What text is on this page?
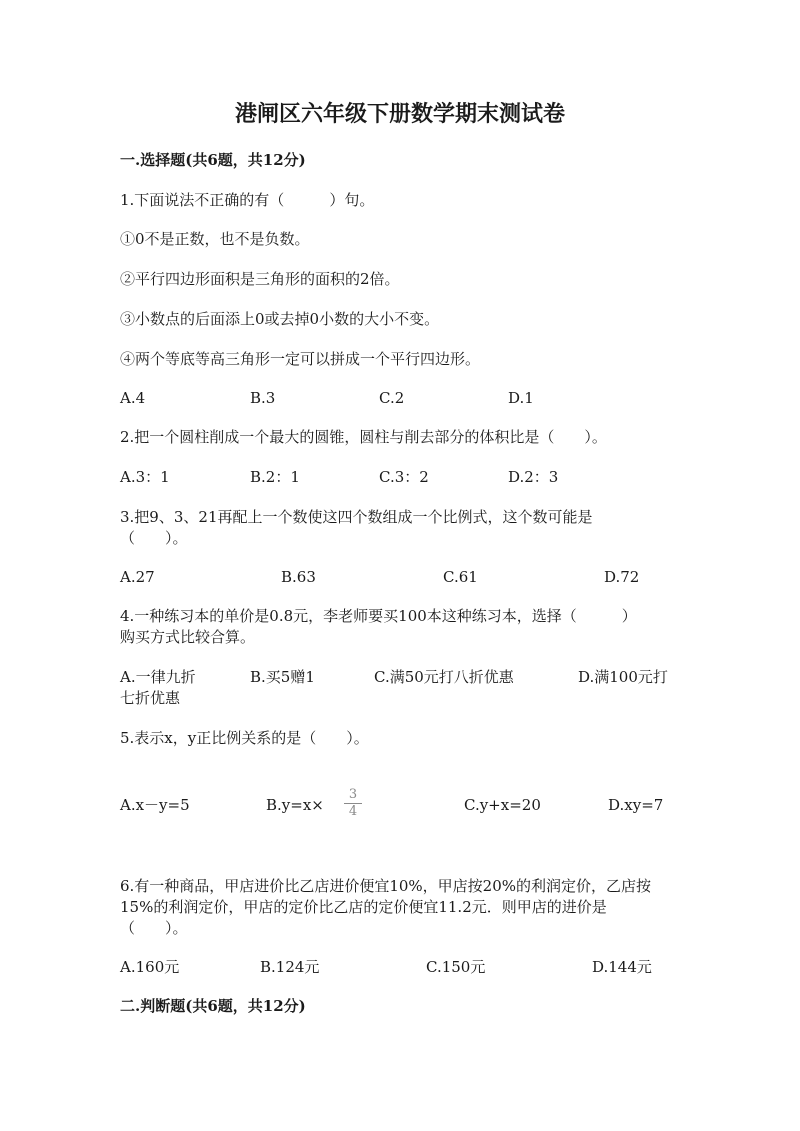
港闸区六年级下册数学期末测试卷
一.选择题(共6题，共12分)
1.下面说法不正确的有（　　　）句。
①0不是正数，也不是负数。
②平行四边形面积是三角形的面积的2倍。
③小数点的后面添上0或去掉0小数的大小不变。
④两个等底等高三角形一定可以拼成一个平行四边形。
A.4	B.3	C.2	D.1
2.把一个圆柱削成一个最大的圆锥，圆柱与削去部分的体积比是（　　）。
A.3：1	B.2：1	C.3：2	D.2：3
3.把9、3、21再配上一个数使这四个数组成一个比例式，这个数可能是
（　　）。
A.27	B.63	C.61	D.72
4.一种练习本的单价是0.8元，李老师要买100本这种练习本，选择（　　　）
购买方式比较合算。
A.一律九折	B.买5赠1	C.满50元打八折优惠	D.满100元打
七折优惠
5.表示x，y正比例关系的是（　　）。
A.x－y=5	B.y=x×
3
4	C.y+x=20	D.xy=7
6.有一种商品，甲店进价比乙店进价便宜10%，甲店按20%的利润定价，乙店按
15%的利润定价，甲店的定价比乙店的定价便宜11.2元．则甲店的进价是
（　　）。
A.160元	B.124元	C.150元	D.144元
二.判断题(共6题，共12分)
